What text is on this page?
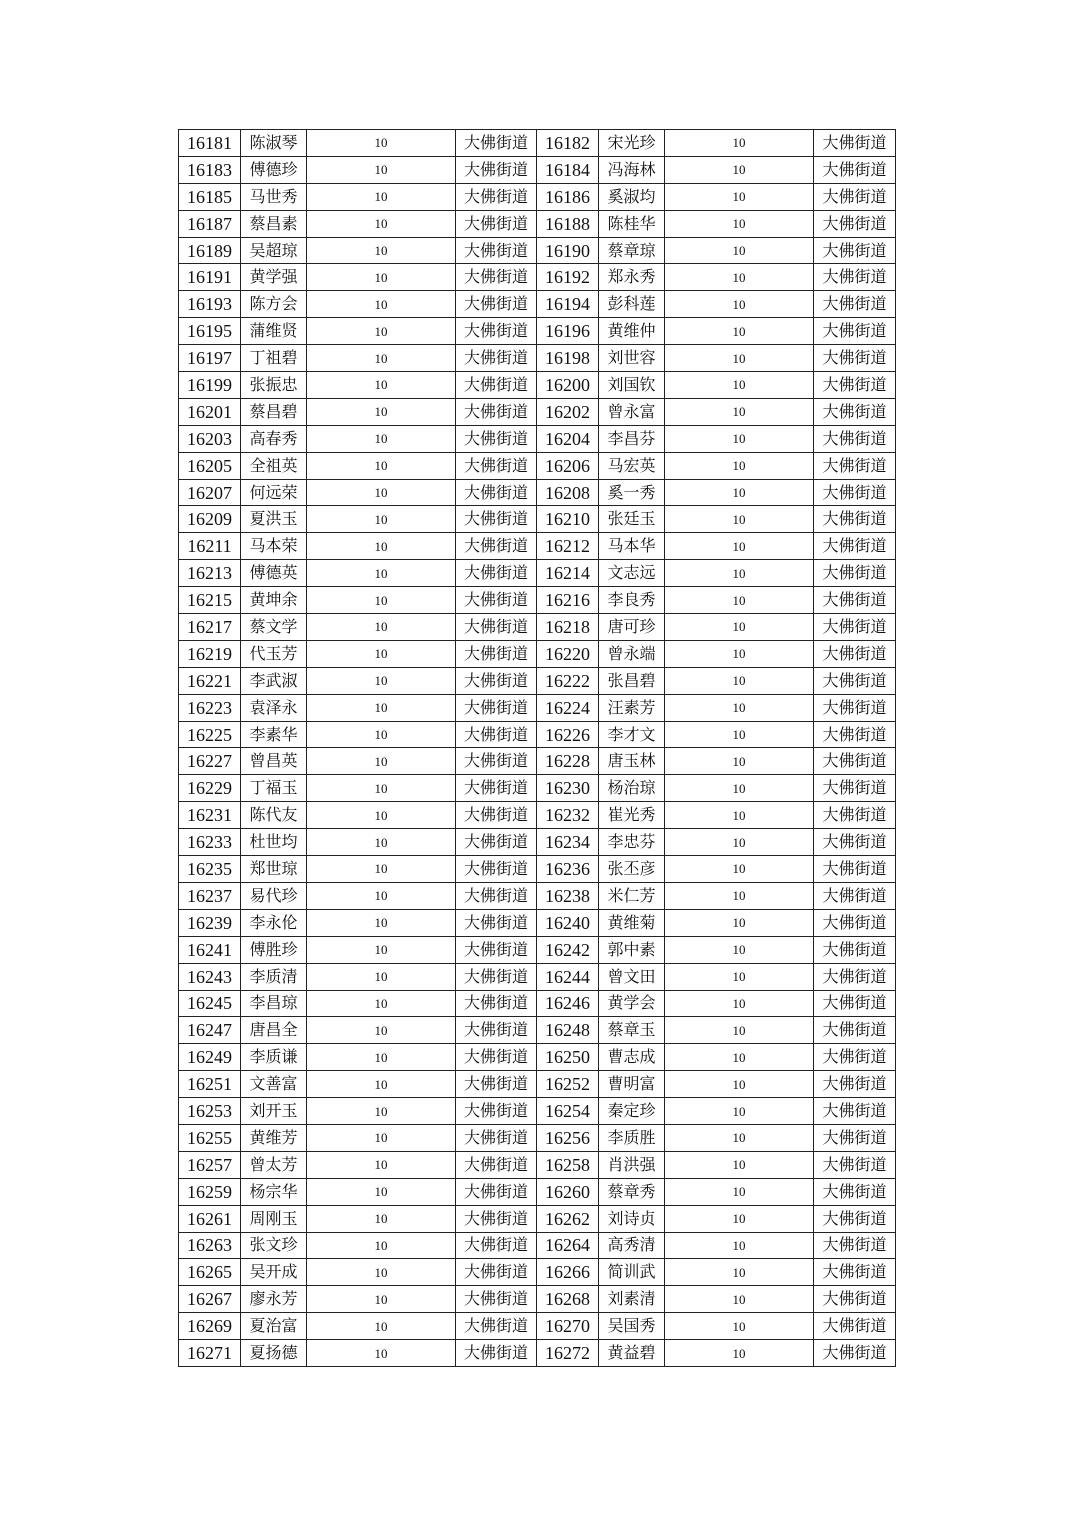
16181	陈淑琴	10	大佛街道	16182	宋光珍	10	大佛街道
16183	傅德珍	10	大佛街道	16184	冯海林	10	大佛街道
16185	马世秀	10	大佛街道	16186	奚淑均	10	大佛街道
16187	蔡昌素	10	大佛街道	16188	陈桂华	10	大佛街道
16189	吴超琼	10	大佛街道	16190	蔡章琼	10	大佛街道
16191	黄学强	10	大佛街道	16192	郑永秀	10	大佛街道
16193	陈方会	10	大佛街道	16194	彭科莲	10	大佛街道
16195	蒲维贤	10	大佛街道	16196	黄维仲	10	大佛街道
16197	丁祖碧	10	大佛街道	16198	刘世容	10	大佛街道
16199	张振忠	10	大佛街道	16200	刘国钦	10	大佛街道
16201	蔡昌碧	10	大佛街道	16202	曾永富	10	大佛街道
16203	高春秀	10	大佛街道	16204	李昌芬	10	大佛街道
16205	全祖英	10	大佛街道	16206	马宏英	10	大佛街道
16207	何远荣	10	大佛街道	16208	奚一秀	10	大佛街道
16209	夏洪玉	10	大佛街道	16210	张廷玉	10	大佛街道
16211	马本荣	10	大佛街道	16212	马本华	10	大佛街道
16213	傅德英	10	大佛街道	16214	文志远	10	大佛街道
16215	黄坤余	10	大佛街道	16216	李良秀	10	大佛街道
16217	蔡文学	10	大佛街道	16218	唐可珍	10	大佛街道
16219	代玉芳	10	大佛街道	16220	曾永端	10	大佛街道
16221	李武淑	10	大佛街道	16222	张昌碧	10	大佛街道
16223	袁泽永	10	大佛街道	16224	汪素芳	10	大佛街道
16225	李素华	10	大佛街道	16226	李才文	10	大佛街道
16227	曾昌英	10	大佛街道	16228	唐玉林	10	大佛街道
16229	丁福玉	10	大佛街道	16230	杨治琼	10	大佛街道
16231	陈代友	10	大佛街道	16232	崔光秀	10	大佛街道
16233	杜世均	10	大佛街道	16234	李忠芬	10	大佛街道
16235	郑世琼	10	大佛街道	16236	张丕彦	10	大佛街道
16237	易代珍	10	大佛街道	16238	米仁芳	10	大佛街道
16239	李永伦	10	大佛街道	16240	黄维菊	10	大佛街道
16241	傅胜珍	10	大佛街道	16242	郭中素	10	大佛街道
16243	李质清	10	大佛街道	16244	曾文田	10	大佛街道
16245	李昌琼	10	大佛街道	16246	黄学会	10	大佛街道
16247	唐昌全	10	大佛街道	16248	蔡章玉	10	大佛街道
16249	李质谦	10	大佛街道	16250	曹志成	10	大佛街道
16251	文善富	10	大佛街道	16252	曹明富	10	大佛街道
16253	刘开玉	10	大佛街道	16254	秦定珍	10	大佛街道
16255	黄维芳	10	大佛街道	16256	李质胜	10	大佛街道
16257	曾太芳	10	大佛街道	16258	肖洪强	10	大佛街道
16259	杨宗华	10	大佛街道	16260	蔡章秀	10	大佛街道
16261	周刚玉	10	大佛街道	16262	刘诗贞	10	大佛街道
16263	张文珍	10	大佛街道	16264	高秀清	10	大佛街道
16265	吴开成	10	大佛街道	16266	简训武	10	大佛街道
16267	廖永芳	10	大佛街道	16268	刘素清	10	大佛街道
16269	夏治富	10	大佛街道	16270	吴国秀	10	大佛街道
16271	夏扬德	10	大佛街道	16272	黄益碧	10	大佛街道
